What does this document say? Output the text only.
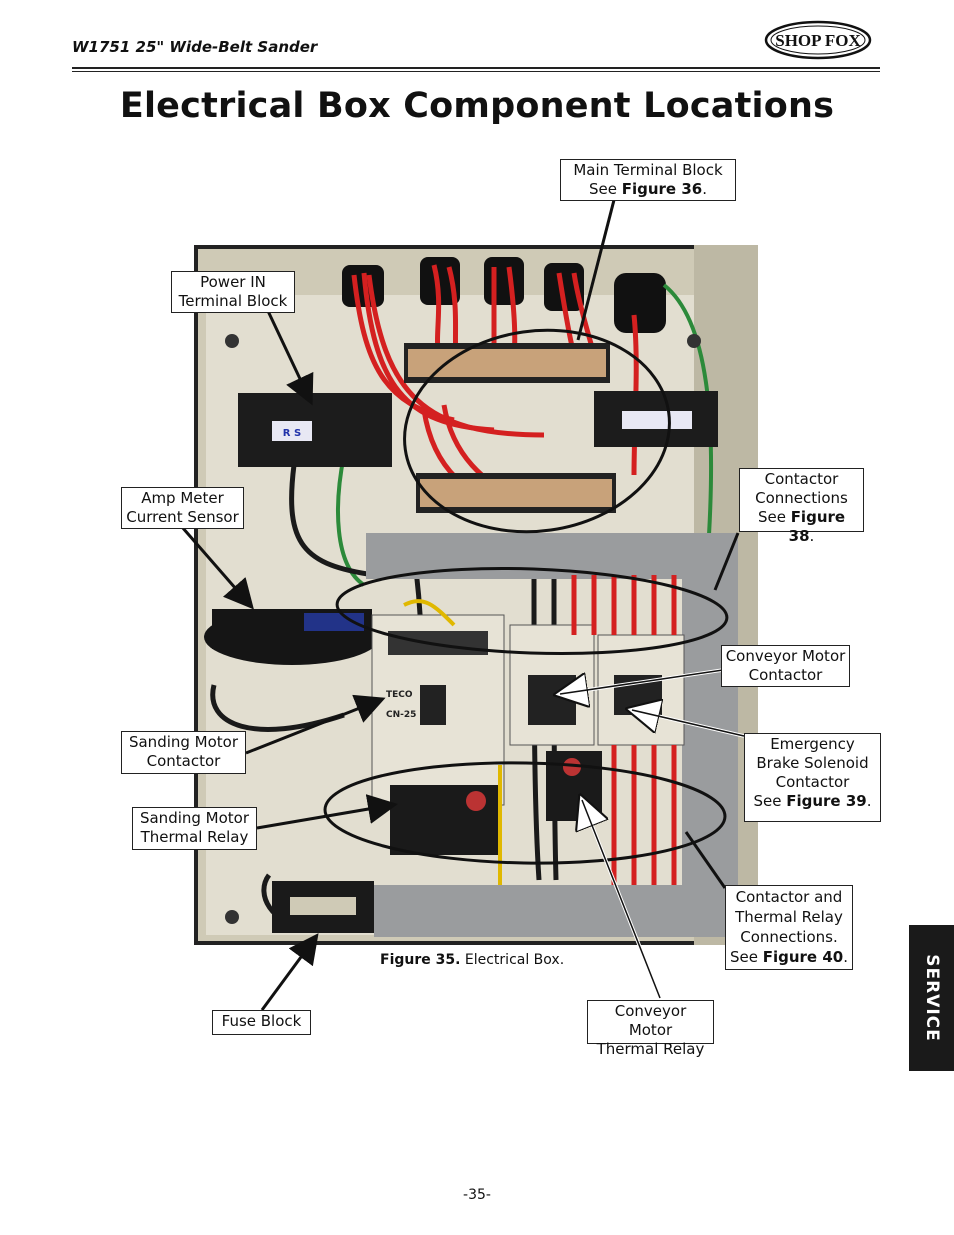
W1751 25" Wide-Belt Sander	SHOP FOX
Electrical Box Component Locations
R S
TECO
CN-25
Main Terminal Block
See Figure 36.
Power IN
Terminal Block
Amp Meter
Current Sensor
Contactor
Connections
See Figure 38.
Conveyor Motor
Contactor
Emergency
Brake Solenoid
Contactor
See Figure 39.
Sanding Motor
Contactor
Sanding Motor
Thermal Relay
Contactor and
Thermal Relay
Connections.
See Figure 40.
Fuse Block
Conveyor Motor
Thermal Relay
Figure 35. Electrical Box.	SERVICE
-35-
